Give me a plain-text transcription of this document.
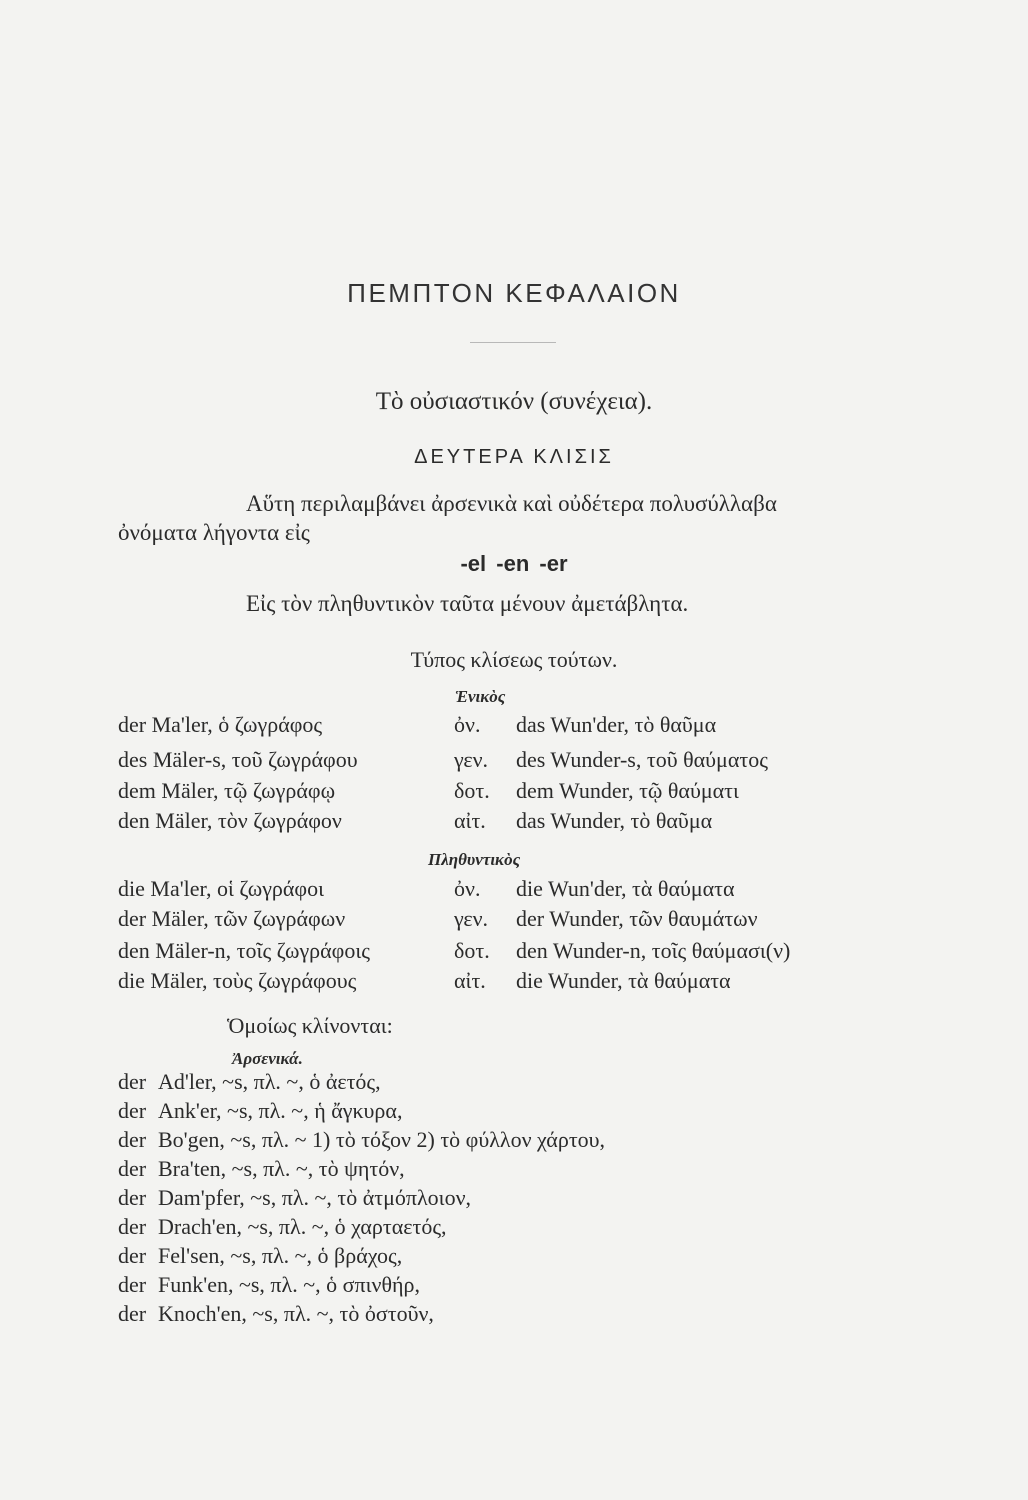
ΠΕΜΠΤΟΝ ΚΕΦΑΛΑΙΟΝ
Τὸ οὐσιαστικόν (συνέχεια).
ΔΕΥΤΕΡΑ ΚΛΙΣΙΣ
Αὕτη περιλαμβάνει ἀρσενικὰ καὶ οὐδέτερα πολυσύλλαβα
ὀνόματα λήγοντα εἰς
-el -en -er
Εἰς τὸν πληθυντικὸν ταῦτα μένουν ἀμετάβλητα.
Τύπος κλίσεως τούτων.
Ἑνικὸς
der Ma'ler, ὁ ζωγράφος	ὀν. das Wun'der, τὸ θαῦμα
des Mäler-s, τοῦ ζωγράφου	γεν. des Wunder-s, τοῦ θαύματος
dem Mäler, τῷ ζωγράφῳ	δοτ. dem Wunder, τῷ θαύματι
den Mäler, τὸν ζωγράφον	αἰτ. das Wunder, τὸ θαῦμα
Πληθυντικὸς
die Ma'ler, οἱ ζωγράφοι	ὀν. die Wun'der, τὰ θαύματα
der Mäler, τῶν ζωγράφων	γεν. der Wunder, τῶν θαυμάτων
den Mäler-n, τοῖς ζωγράφοις	δοτ. den Wunder-n, τοῖς θαύμασι(ν)
die Mäler, τοὺς ζωγράφους	αἰτ. die Wunder, τὰ θαύματα
Ὁμοίως κλίνονται:
Ἀρσενικά.
der Ad'ler, ~s, πλ. ~, ὁ ἀετός,
der Ank'er, ~s, πλ. ~, ἡ ἄγκυρα,
der Bo'gen, ~s, πλ. ~ 1) τὸ τόξον 2) τὸ φύλλον χάρτου,
der Bra'ten, ~s, πλ. ~, τὸ ψητόν,
der Dam'pfer, ~s, πλ. ~, τὸ ἀτμόπλοιον,
der Drach'en, ~s, πλ. ~, ὁ χαρταετός,
der Fel'sen, ~s, πλ. ~, ὁ βράχος,
der Funk'en, ~s, πλ. ~, ὁ σπινθήρ,
der Knoch'en, ~s, πλ. ~, τὸ ὀστοῦν,
